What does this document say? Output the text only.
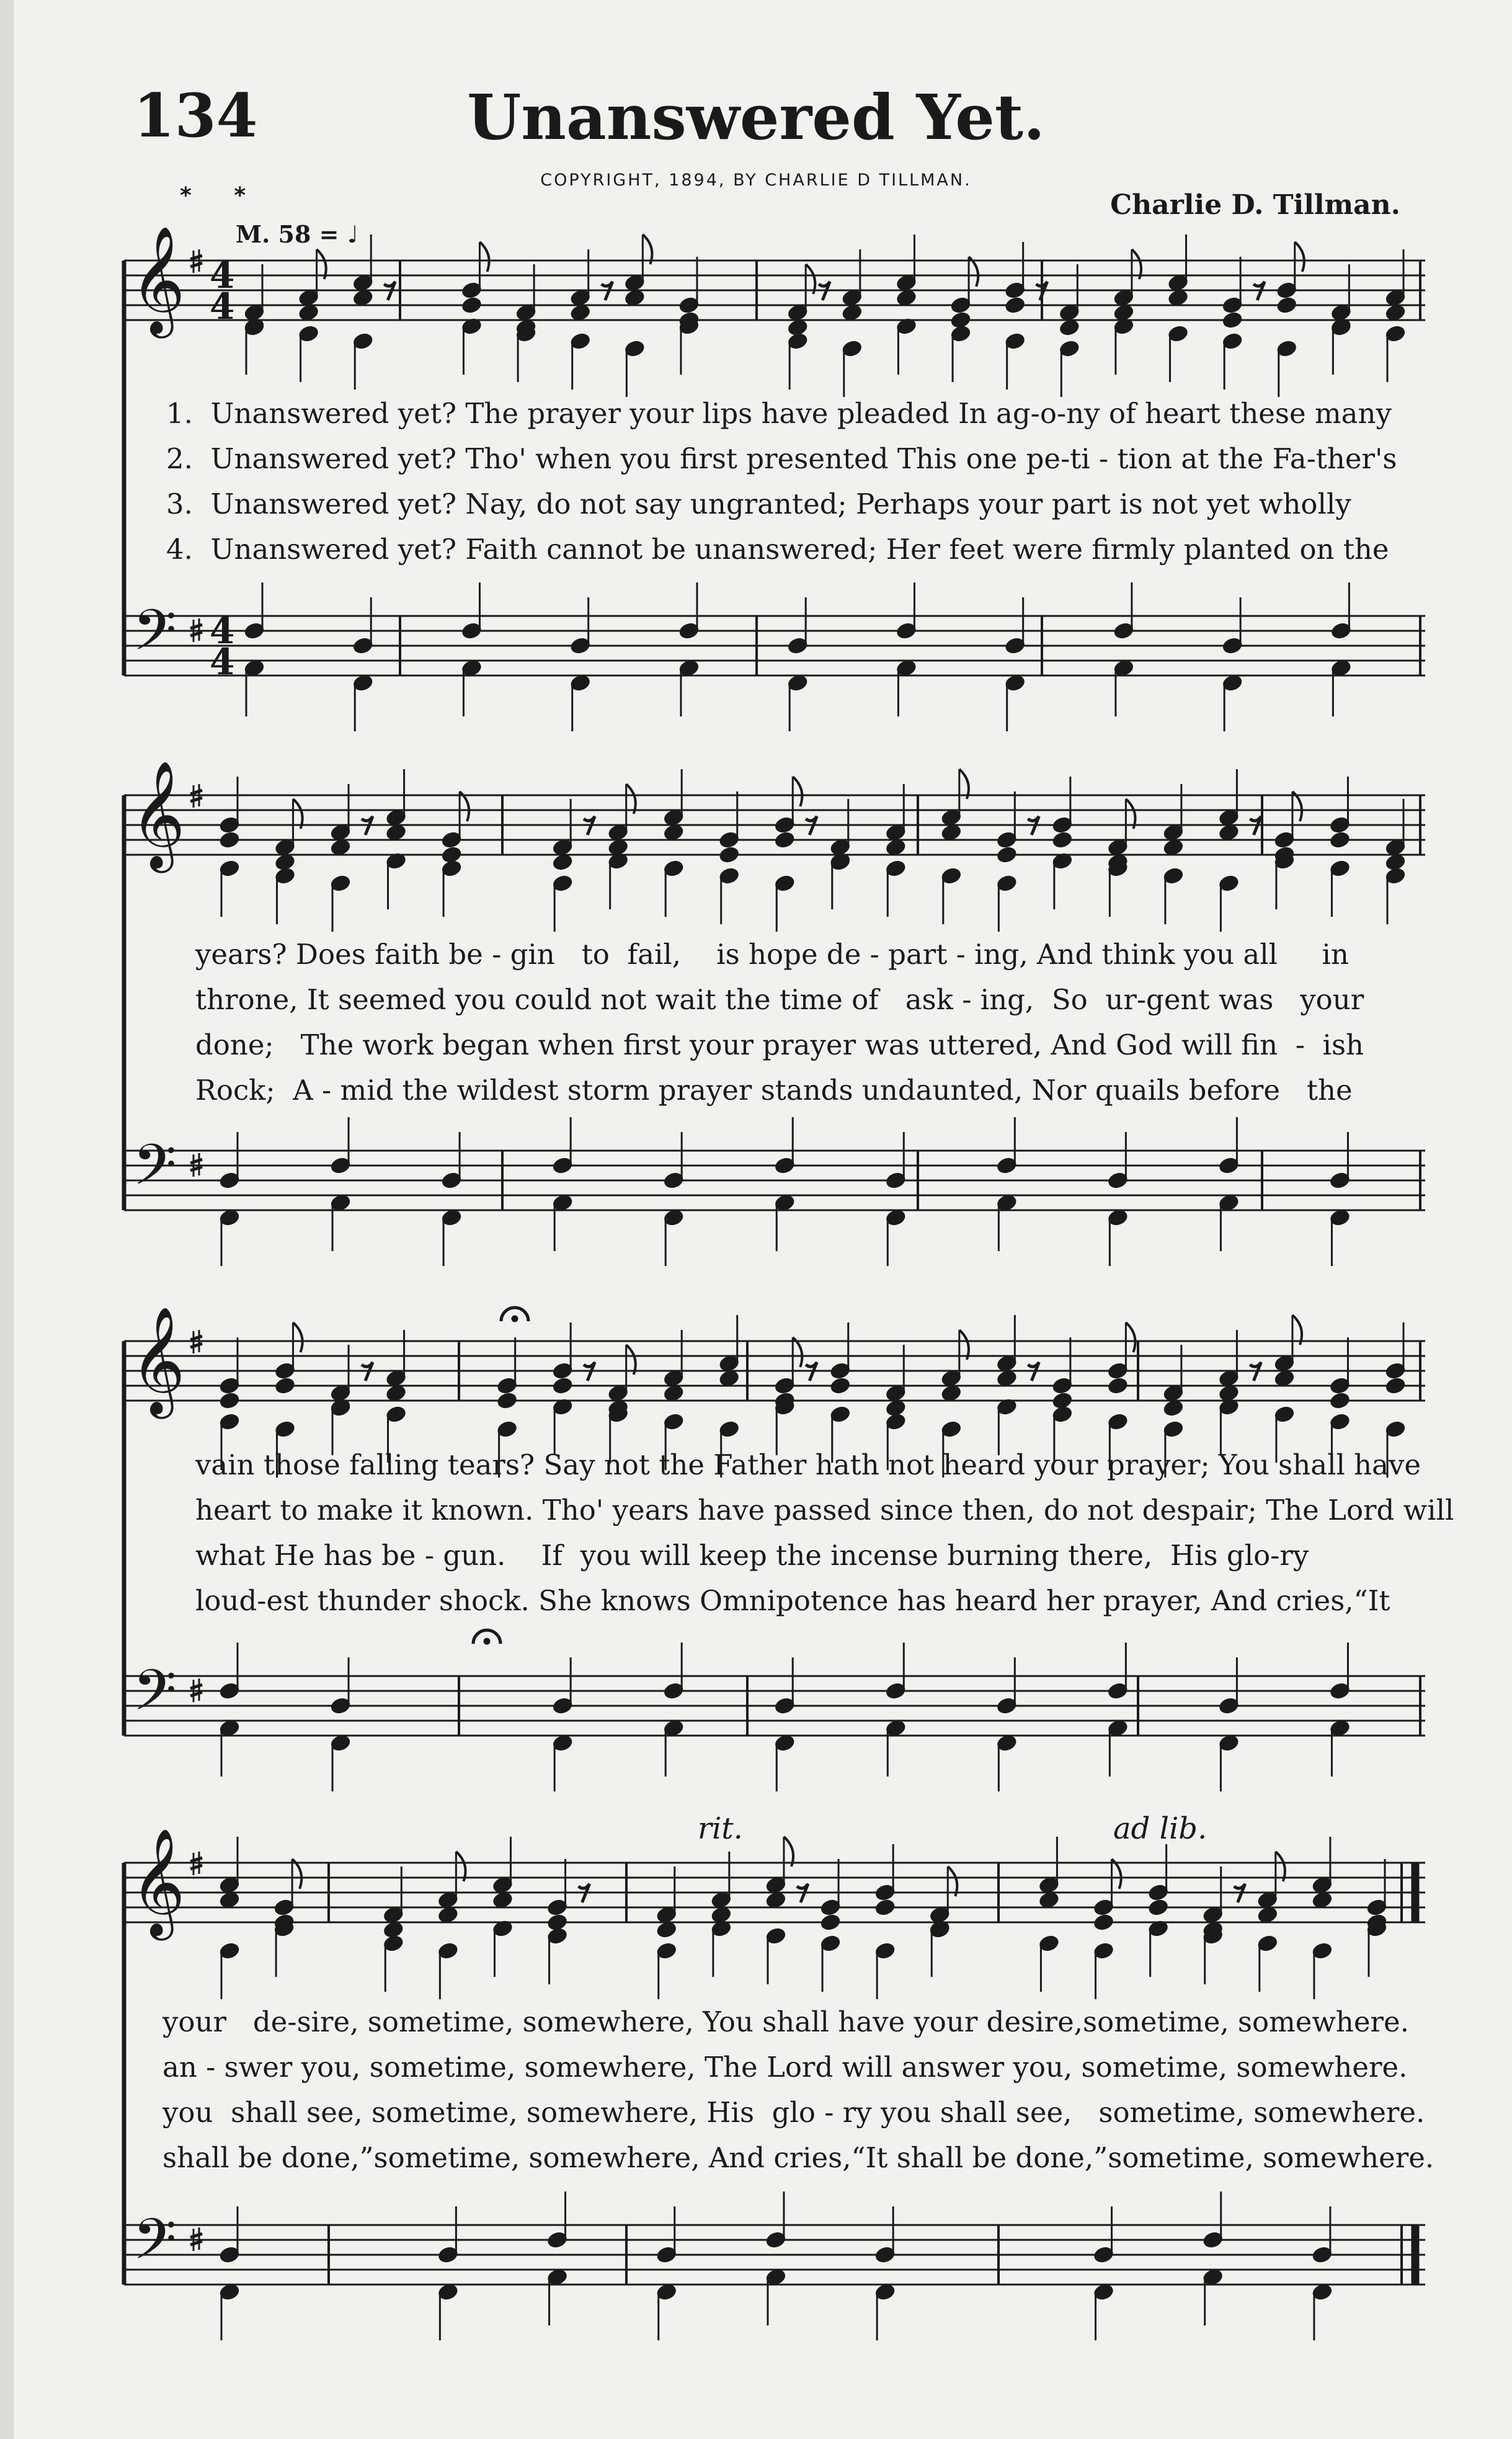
134	Unanswered Yet.
COPYRIGHT, 1894, BY CHARLIE D TILLMAN.
Charlie D. Tillman.
* *
M. 58 = ♩
𝄞
𝄢
4
4
4
4
𝄞
𝄢
𝄞
𝄢
𝄞
𝄢
1.  Unanswered yet? The prayer your lips have pleaded In ag-o-ny of heart these many
2.  Unanswered yet? Tho' when you first presented This one pe-ti - tion at the Fa-ther's
3.  Unanswered yet? Nay, do not say ungranted; Perhaps your part is not yet wholly
4.  Unanswered yet? Faith cannot be unanswered; Her feet were firmly planted on the
years? Does faith be - gin   to  fail,    is hope de - part - ing, And think you all     in
throne, It seemed you could not wait the time of   ask - ing,  So  ur-gent was   your
done;   The work began when first your prayer was uttered, And God will fin  -  ish
Rock;  A - mid the wildest storm prayer stands undaunted, Nor quails before   the
vain those falling tears? Say not the Father hath not heard your prayer; You shall have
heart to make it known. Tho' years have passed since then, do not despair; The Lord will
what He has be - gun.    If  you will keep the incense burning there,  His glo-ry
loud-est thunder shock. She knows Omnipotence has heard her prayer, And cries,“It
your   de-sire, sometime, somewhere, You shall have your desire,sometime, somewhere.
an - swer you, sometime, somewhere, The Lord will answer you, sometime, somewhere.
you  shall see, sometime, somewhere, His  glo - ry you shall see,   sometime, somewhere.
shall be done,”sometime, somewhere, And cries,“It shall be done,”sometime, somewhere.
rit.	ad lib.
